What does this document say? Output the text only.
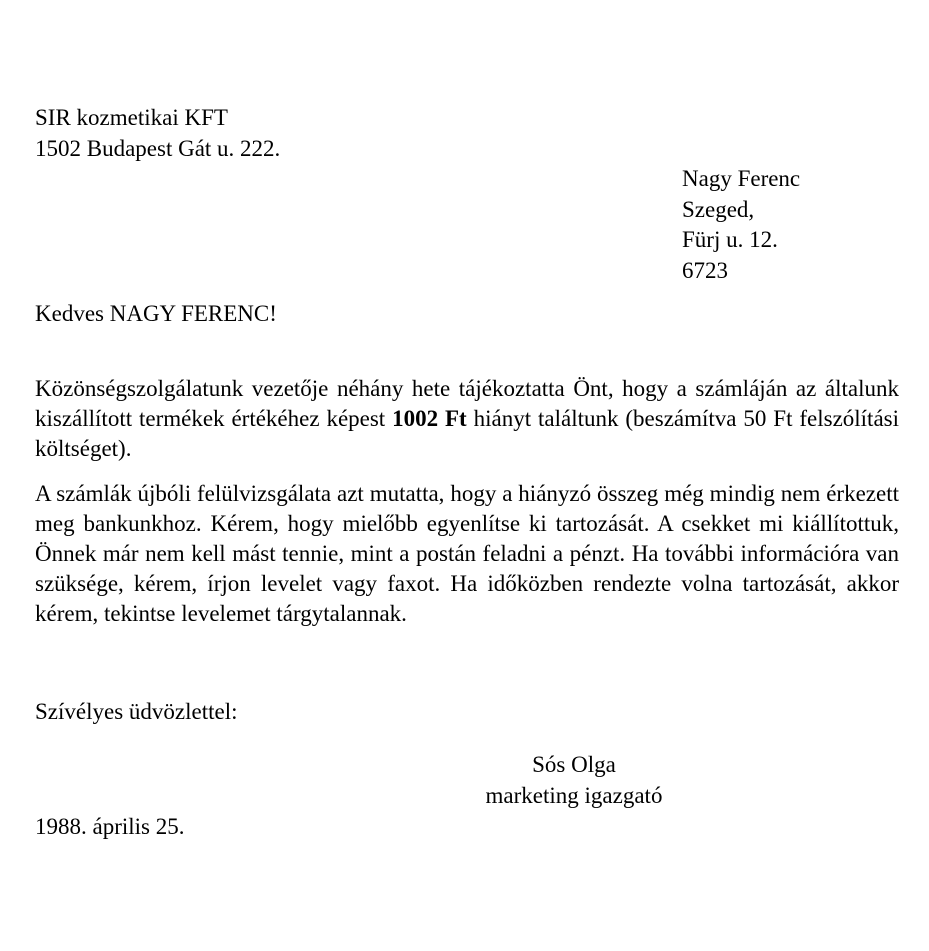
SIR kozmetikai KFT
1502 Budapest Gát u. 222.
Nagy Ferenc
Szeged,
Fürj u. 12.
6723
Kedves NAGY FERENC!
Közönségszolgálatunk vezetője néhány hete tájékoztatta Önt, hogy a számláján az általunk kiszállított termékek értékéhez képest 1002 Ft hiányt találtunk (beszámítva 50 Ft felszólítási költséget).
A számlák újbóli felülvizsgálata azt mutatta, hogy a hiányzó összeg még mindig nem érkezett meg bankunkhoz. Kérem, hogy mielőbb egyenlítse ki tartozását. A csekket mi kiállítottuk, Önnek már nem kell mást tennie, mint a postán feladni a pénzt. Ha további információra van szüksége, kérem, írjon levelet vagy faxot. Ha időközben rendezte volna tartozását, akkor kérem, tekintse levelemet tárgytalannak.
Szívélyes üdvözlettel:
Sós Olga
marketing igazgató
1988. április 25.
